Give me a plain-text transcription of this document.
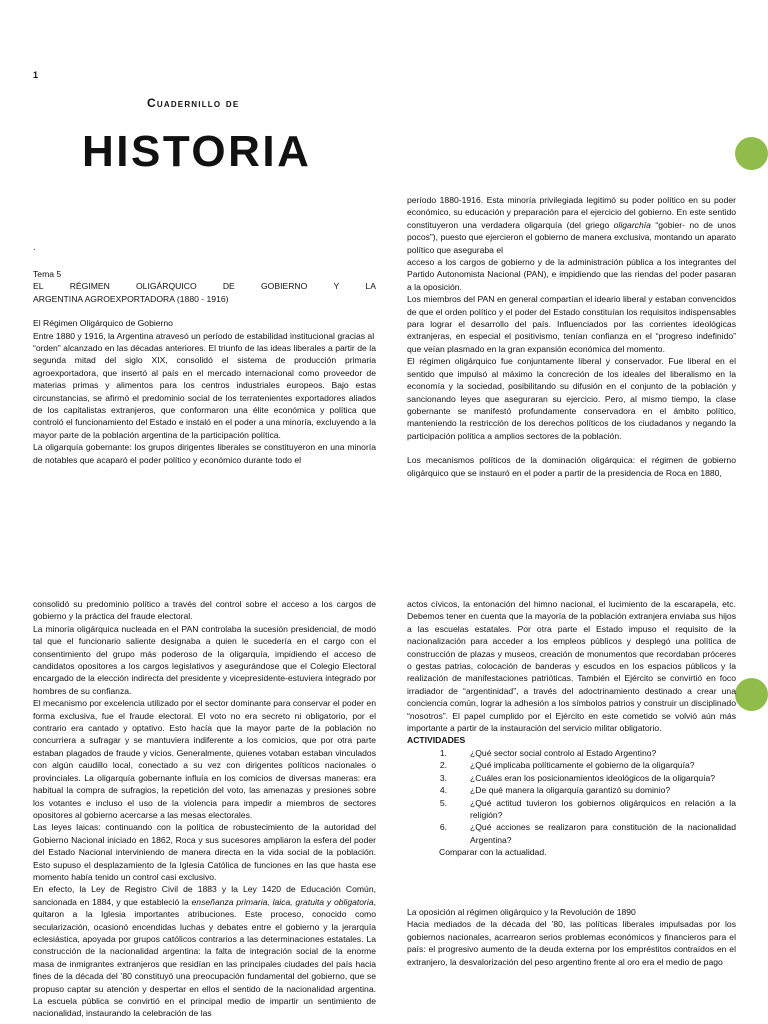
1
Cuadernillo de
HISTORIA
.

Tema 5

EL	RÉGIMEN	OLIGÁRQUICO	DE	GOBIERNO	Y	LA

ARGENTINA AGROEXPORTADORA (1880 - 1916)

El Régimen Oligárquico de Gobierno

Entre 1880 y 1916, la Argentina atravesó un período de estabilidad institucional gracias al

“orden” alcanzado en las décadas anteriores. El triunfo de las ideas liberales a partir de la segunda mitad del siglo XIX, consolidó el sistema de producción primaria agroexportadora, que insertó al país en el mercado internacional como proveedor de materias primas y alimentos para los centros industriales europeos. Bajo estas circunstancias, se afirmó el predominio social de los terratenientes exportadores aliados de los capitalistas extranjeros, que conformaron una élite económica y política que controló el funcionamiento del Estado e instaló en el poder a una minoría, excluyendo a la mayor parte de la población argentina de la participación política.

La oligarquía gobernante: los grupos dirigentes liberales se constituyeron en una minoría de notables que acaparó el poder político y económico durante todo el

período 1880-1916. Esta minoría privilegiada legitimó su poder político en su poder económico, su educación y preparación para el ejercicio del gobierno. En este sentido constituyeron una verdadera oligarquía (del griego oligarchía “gobier- no de unos pocos”), puesto que ejercieron el gobierno de manera exclusiva, montando un aparato político que aseguraba el

acceso a los cargos de gobierno y de la administración pública a los integrantes del Partido Autonomista Nacional (PAN), e impidiendo que las riendas del poder pasaran a la oposición.

Los miembros del PAN en general compartían el ideario liberal y estaban convencidos de que el orden político y el poder del Estado constituían los requisitos indispensables para lograr el desarrollo del país. Influenciados por las corrientes ideológicas extranjeras, en especial el positivismo, tenían confianza en el “progreso indefinido” que veían plasmado en la gran expansión económica del momento.

El régimen oligárquico fue conjuntamente liberal y conservador. Fue liberal en el sentido que impulsó al máximo la concreción de los ideales del liberalismo en la economía y la sociedad, posibilitando su difusión en el conjunto de la población y sancionando leyes que aseguraran su ejercicio. Pero, al mismo tiempo, la clase gobernante se manifestó profundamente conservadora en el ámbito político, manteniendo la restricción de los derechos políticos de los ciudadanos y negando la participación política a amplios sectores de la población.

Los mecanismos políticos de la dominación oligárquica: el régimen de gobierno oligárquico que se instauró en el poder a partir de la presidencia de Roca en 1880,

consolidó su predominio político a través del control sobre el acceso a los cargos de gobierno y la práctica del fraude electoral.

La minoría oligárquica nucleada en el PAN controlaba la sucesión presidencial, de modo tal que el funcionario saliente designaba a quien le sucedería en el cargo con el consentimiento del grupo más poderoso de la oligarquía, impidiendo el acceso de candidatos opositores a los cargos legislativos y asegurándose que el Colegio Electoral encargado de la elección indirecta del presidente y vicepresidente-estuviera integrado por hombres de su confianza.

El mecanismo por excelencia utilizado por el sector dominante para conservar el poder en forma exclusiva, fue el fraude electoral. El voto no era secreto ni obligatorio, por el contrario era cantado y optativo. Esto hacía que la mayor parte de la población no concurriera a sufragar y se mantuviera indiferente a los comicios, que por otra parte estaban plagados de fraude y vicios. Generalmente, quienes votaban estaban vinculados con algún caudillo local, conectado a su vez con dirigentes políticos nacionales o provinciales. La oligarquía gobernante influía en los comicios de diversas maneras: era habitual la compra de sufragios, la repetición del voto, las amenazas y presiones sobre los votantes e incluso el uso de la violencia para impedir a miembros de sectores opositores al gobierno acercarse a las mesas electorales.

Las leyes laicas: continuando con la política de robustecimiento de la autoridad del Gobierno Nacional iniciado en 1862, Roca y sus sucesores ampliaron la esfera del poder del Estado Nacional interviniendo de manera directa en la vida social de la población. Esto supuso el desplazamiento de la Iglesia Católica de funciones en las que hasta ese momento había tenido un control casi exclusivo.

En efecto, la Ley de Registro Civil de 1883 y la Ley 1420 de Educación Común, sancionada en 1884, y que estableció la enseñanza primaria, laica, gratuita y obligatoria, quitaron a la Iglesia importantes atribuciones. Este proceso, conocido como secularización, ocasionó encendidas luchas y debates entre el gobierno y la jerarquía eclesiástica, apoyada por grupos católicos contrarios a las determinaciones estatales. La construcción de la nacionalidad argentina: la falta de integración social de la enorme masa de inmigrantes extranjeros que residían en las principales ciudades del país hacia fines de la década del ’80 constituyó una preocupación fundamental del gobierno, que se propuso captar su atención y despertar en ellos el sentido de la nacionalidad argentina. La escuela pública se convirtió en el principal medio de impartir un sentimiento de nacionalidad, instaurando la celebración de las

actos cívicos, la entonación del himno nacional, el lucimiento de la escarapela, etc. Debemos tener en cuenta que la mayoría de la población extranjera enviaba sus hijos a las escuelas estatales. Por otra parte el Estado impuso el requisito de la nacionalización para acceder a los empleos públicos y desplegó una política de construcción de plazas y museos, creación de monumentos que recordaban próceres o gestas patrias, colocación de banderas y escudos en los espacios públicos y la realización de manifestaciones patrióticas. También el Ejército se convirtió en foco irradiador de “argentinidad”, a través del adoctrinamiento destinado a crear una conciencia común, lograr la adhesión a los símbolos patrios y construir un disciplinado “nosotros”. El papel cumplido por el Ejército en este cometido se volvió aún más importante a partir de la instauración del servicio militar obligatorio.

ACTIVIDADES

1.	¿Qué sector social controlo al Estado Argentino?
2.	¿Qué implicaba políticamente el gobierno de la oligarquía?
3.	¿Cuáles eran los posicionamientos ideológicos de la oligarquía?
4.	¿De qué manera la oligarquía garantizó su dominio?
5.	¿Qué actitud tuvieron los gobiernos oligárquicos en relación a la religión?
6.	¿Qué acciones se realizaron para constitución de la nacionalidad Argentina?

Comparar con la actualidad.

La oposición al régimen oligárquico y la Revolución de 1890

Hacia mediados de la década del ’80, las políticas liberales impulsadas por los gobiernos nacionales, acarrearon serios problemas económicos y financieros para el país: el progresivo aumento de la deuda externa por los empréstitos contraídos en el extranjero, la desvalorización del peso argentino frente al oro era el medio de pago
